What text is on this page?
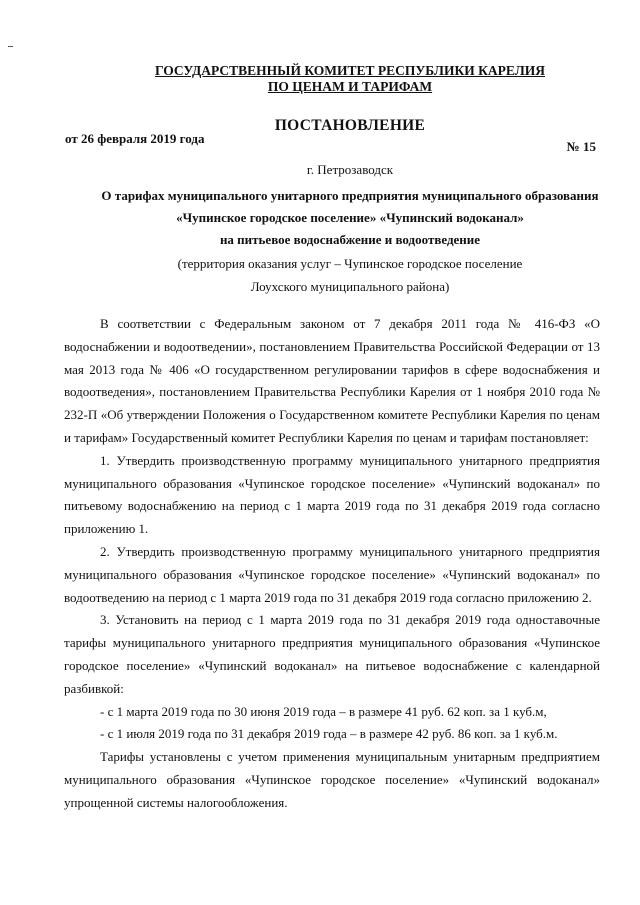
ГОСУДАРСТВЕННЫЙ КОМИТЕТ РЕСПУБЛИКИ КАРЕЛИЯ
ПО ЦЕНАМ И ТАРИФАМ
ПОСТАНОВЛЕНИЕ
от 26 февраля 2019 года
№ 15
г. Петрозаводск
О тарифах муниципального унитарного предприятия муниципального образования
«Чупинское городское поселение» «Чупинский водоканал»
на питьевое водоснабжение и водоотведение
(территория оказания услуг – Чупинское городское поселение
Лоухского муниципального района)

В соответствии с Федеральным законом от 7 декабря 2011 года № 416-ФЗ «О водоснабжении и водоотведении», постановлением Правительства Российской Федерации от 13 мая 2013 года № 406 «О государственном регулировании тарифов в сфере водоснабжения и водоотведения», постановлением Правительства Республики Карелия от 1 ноября 2010 года № 232-П «Об утверждении Положения о Государственном комитете Республики Карелия по ценам и тарифам» Государственный комитет Республики Карелия по ценам и тарифам постановляет:

1. Утвердить производственную программу муниципального унитарного предприятия муниципального образования «Чупинское городское поселение» «Чупинский водоканал» по питьевому водоснабжению на период с 1 марта 2019 года по 31 декабря 2019 года согласно приложению 1.

2. Утвердить производственную программу муниципального унитарного предприятия муниципального образования «Чупинское городское поселение» «Чупинский водоканал» по водоотведению на период с 1 марта 2019 года по 31 декабря 2019 года согласно приложению 2.

3. Установить на период с 1 марта 2019 года по 31 декабря 2019 года одноставочные тарифы муниципального унитарного предприятия муниципального образования «Чупинское городское поселение» «Чупинский водоканал» на питьевое водоснабжение с календарной разбивкой:

- с 1 марта 2019 года по 30 июня 2019 года – в размере 41 руб. 62 коп. за 1 куб.м,

- с 1 июля 2019 года по 31 декабря 2019 года – в размере 42 руб. 86 коп. за 1 куб.м.

Тарифы установлены с учетом применения муниципальным унитарным предприятием муниципального образования «Чупинское городское поселение» «Чупинский водоканал» упрощенной системы налогообложения.
